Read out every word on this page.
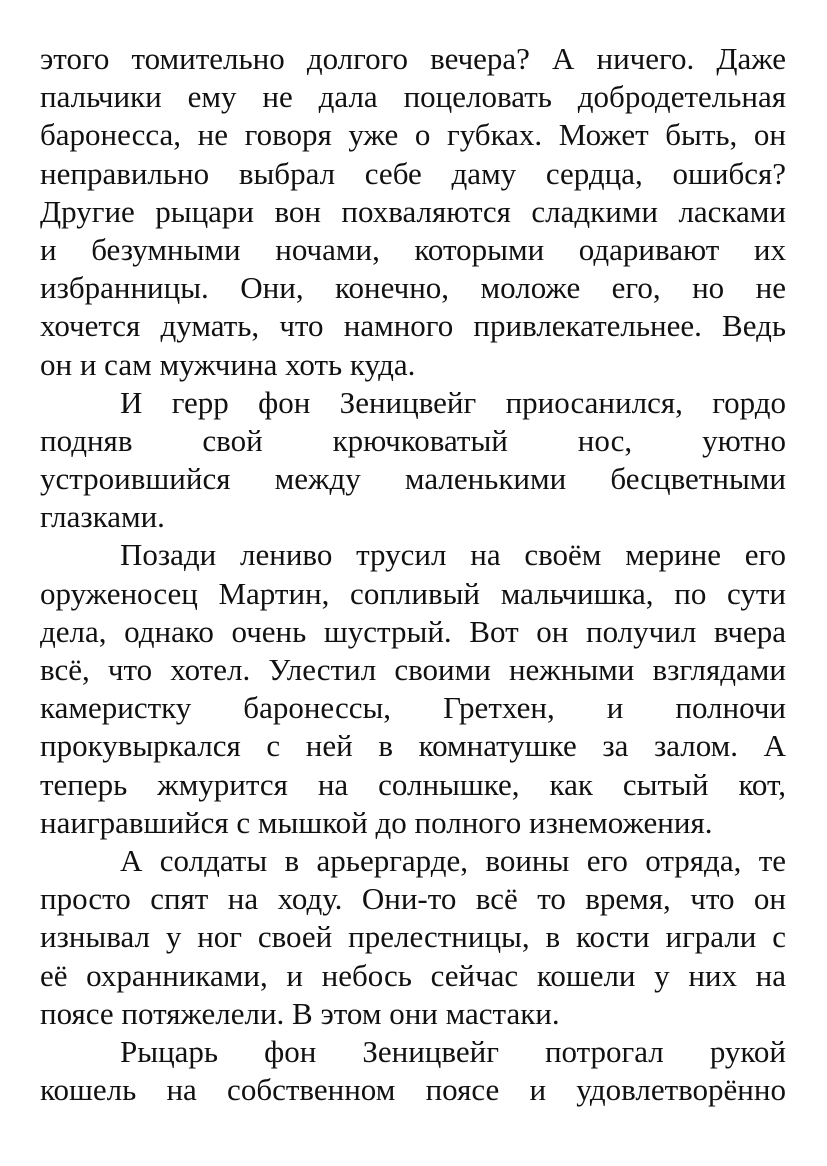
этого томительно долгого вечера? А ничего. Даже
пальчики ему не дала поцеловать добродетельная
баронесса, не говоря уже о губках. Может быть, он
неправильно выбрал себе даму сердца, ошибся?
Другие рыцари вон похваляются сладкими ласками
и безумными ночами, которыми одаривают их
избранницы. Они, конечно, моложе его, но не
хочется думать, что намного привлекательнее. Ведь
он и сам мужчина хоть куда.
И герр фон Зеницвейг приосанился, гордо
подняв свой крючковатый нос, уютно
устроившийся между маленькими бесцветными
глазками.
Позади лениво трусил на своём мерине его
оруженосец Мартин, сопливый мальчишка, по сути
дела, однако очень шустрый. Вот он получил вчера
всё, что хотел. Улестил своими нежными взглядами
камеристку баронессы, Гретхен, и полночи
прокувыркался с ней в комнатушке за залом. А
теперь жмурится на солнышке, как сытый кот,
наигравшийся с мышкой до полного изнеможения.
А солдаты в арьергарде, воины его отряда, те
просто спят на ходу. Они-то всё то время, что он
изнывал у ног своей прелестницы, в кости играли с
её охранниками, и небось сейчас кошели у них на
поясе потяжелели. В этом они мастаки.
Рыцарь фон Зеницвейг потрогал рукой
кошель на собственном поясе и удовлетворённо
